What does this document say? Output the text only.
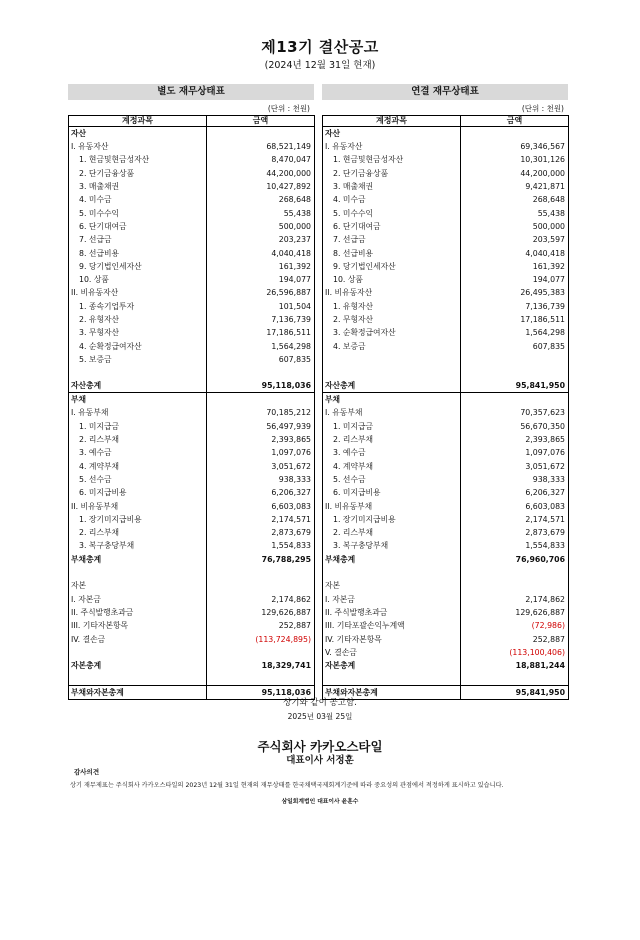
제13기 결산공고
(2024년 12월 31일 현재)
별도 재무상태표
(단위 : 천원)
계정과목	금액
자산	
I. 유동자산	68,521,149
1. 현금및현금성자산	8,470,047
2. 단기금융상품	44,200,000
3. 매출채권	10,427,892
4. 미수금	268,648
5. 미수수익	55,438
6. 단기대여금	500,000
7. 선급금	203,237
8. 선급비용	4,040,418
9. 당기법인세자산	161,392
10. 상품	194,077
II. 비유동자산	26,596,887
1. 종속기업투자	101,504
2. 유형자산	7,136,739
3. 무형자산	17,186,511
4. 순확정급여자산	1,564,298
5. 보증금	607,835

자산총계	95,118,036
부채	
I. 유동부채	70,185,212
1. 미지급금	56,497,939
2. 리스부채	2,393,865
3. 예수금	1,097,076
4. 계약부채	3,051,672
5. 선수금	938,333
6. 미지급비용	6,206,327
II. 비유동부채	6,603,083
1. 장기미지급비용	2,174,571
2. 리스부채	2,873,679
3. 복구충당부채	1,554,833
부채총계	76,788,295

자본	
I. 자본금	2,174,862
II. 주식발행초과금	129,626,887
III. 기타자본항목	252,887
IV. 결손금	(113,724,895)

자본총계	18,329,741

부채와자본총계	95,118,036
연결 재무상태표
(단위 : 천원)
계정과목	금액
자산	
I. 유동자산	69,346,567
1. 현금및현금성자산	10,301,126
2. 단기금융상품	44,200,000
3. 매출채권	9,421,871
4. 미수금	268,648
5. 미수수익	55,438
6. 단기대여금	500,000
7. 선급금	203,597
8. 선급비용	4,040,418
9. 당기법인세자산	161,392
10. 상품	194,077
II. 비유동자산	26,495,383
1. 유형자산	7,136,739
2. 무형자산	17,186,511
3. 순확정급여자산	1,564,298
4. 보증금	607,835

자산총계	95,841,950
부채	
I. 유동부채	70,357,623
1. 미지급금	56,670,350
2. 리스부채	2,393,865
3. 예수금	1,097,076
4. 계약부채	3,051,672
5. 선수금	938,333
6. 미지급비용	6,206,327
II. 비유동부채	6,603,083
1. 장기미지급비용	2,174,571
2. 리스부채	2,873,679
3. 복구충당부채	1,554,833
부채총계	76,960,706

자본	
I. 자본금	2,174,862
II. 주식발행초과금	129,626,887
III. 기타포괄손익누계액	(72,986)
IV. 기타자본항목	252,887
V. 결손금	(113,100,406)
자본총계	18,881,244

부채와자본총계	95,841,950
상기와 같이 공고함.
2025년 03월 25일
주식회사 카카오스타일
대표이사 서정훈
감사의견
상기 재무제표는 주식회사 카카오스타일의 2023년 12월 31일 현재의 재무상태를 한국채택국제회계기준에 따라 중요성의 관점에서 적정하게 표시하고 있습니다.
삼일회계법인 대표이사 윤훈수
